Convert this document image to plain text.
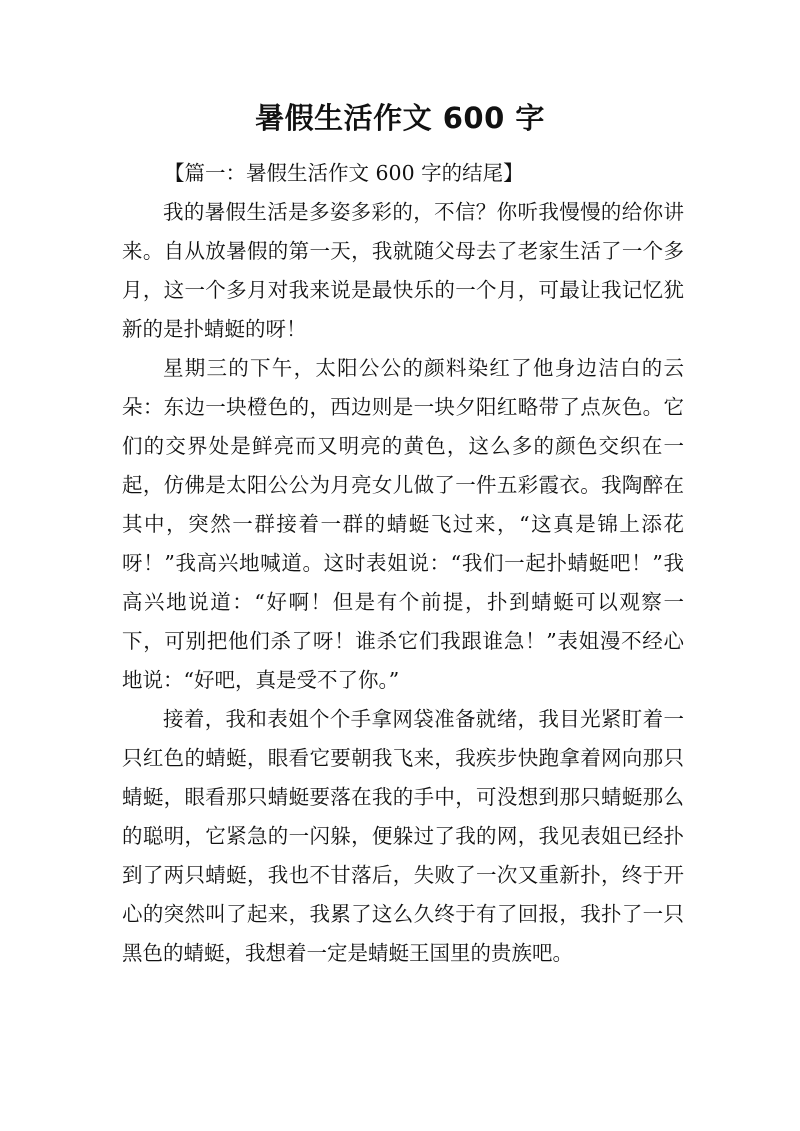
暑假生活作文 600 字

【篇一：暑假生活作文 600 字的结尾】

我的暑假生活是多姿多彩的，不信？你听我慢慢的给你讲来。自从放暑假的第一天，我就随父母去了老家生活了一个多月，这一个多月对我来说是最快乐的一个月，可最让我记忆犹新的是扑蜻蜓的呀！

星期三的下午，太阳公公的颜料染红了他身边洁白的云朵：东边一块橙色的，西边则是一块夕阳红略带了点灰色。它们的交界处是鲜亮而又明亮的黄色，这么多的颜色交织在一起，仿佛是太阳公公为月亮女儿做了一件五彩霞衣。我陶醉在其中，突然一群接着一群的蜻蜓飞过来，“这真是锦上添花呀！”我高兴地喊道。这时表姐说：“我们一起扑蜻蜓吧！”我高兴地说道：“好啊！但是有个前提，扑到蜻蜓可以观察一下，可别把他们杀了呀！谁杀它们我跟谁急！”表姐漫不经心地说：“好吧，真是受不了你。”

接着，我和表姐个个手拿网袋准备就绪，我目光紧盯着一只红色的蜻蜓，眼看它要朝我飞来，我疾步快跑拿着网向那只蜻蜓，眼看那只蜻蜓要落在我的手中，可没想到那只蜻蜓那么的聪明，它紧急的一闪躲，便躲过了我的网，我见表姐已经扑到了两只蜻蜓，我也不甘落后，失败了一次又重新扑，终于开心的突然叫了起来，我累了这么久终于有了回报，我扑了一只黑色的蜻蜓，我想着一定是蜻蜓王国里的贵族吧。
